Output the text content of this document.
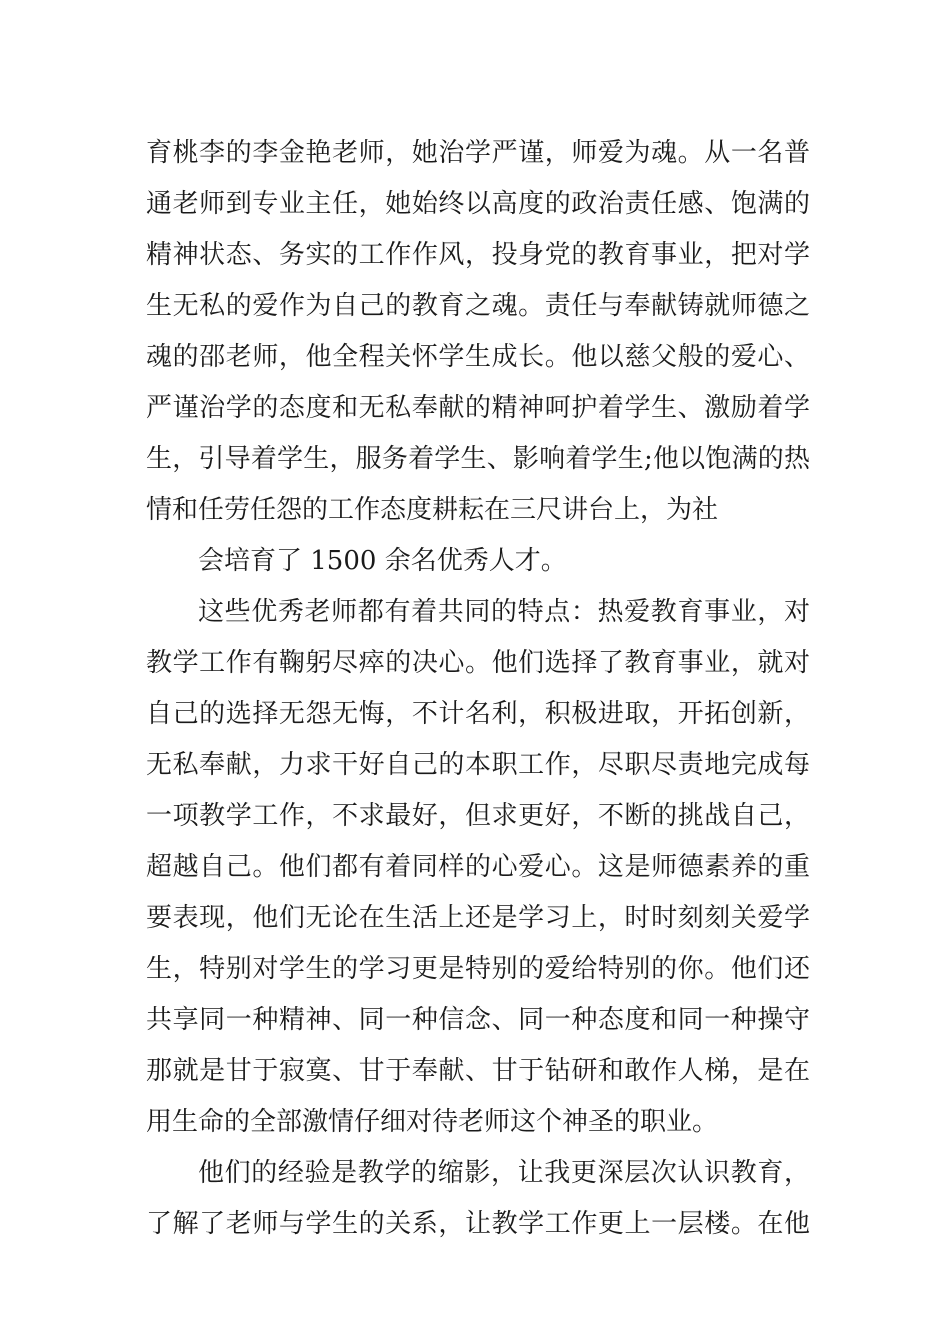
育桃李的李金艳老师，她治学严谨，师爱为魂。从一名普
通老师到专业主任，她始终以高度的政治责任感、饱满的
精神状态、务实的工作作风，投身党的教育事业，把对学
生无私的爱作为自己的教育之魂。责任与奉献铸就师德之
魂的邵老师，他全程关怀学生成长。他以慈父般的爱心、
严谨治学的态度和无私奉献的精神呵护着学生、激励着学
生，引导着学生，服务着学生、影响着学生;他以饱满的热
情和任劳任怨的工作态度耕耘在三尺讲台上，为社
会培育了 1500 余名优秀人才。
这些优秀老师都有着共同的特点：热爱教育事业，对
教学工作有鞠躬尽瘁的决心。他们选择了教育事业，就对
自己的选择无怨无悔，不计名利，积极进取，开拓创新，
无私奉献，力求干好自己的本职工作，尽职尽责地完成每
一项教学工作，不求最好，但求更好，不断的挑战自己，
超越自己。他们都有着同样的心爱心。这是师德素养的重
要表现，他们无论在生活上还是学习上，时时刻刻关爱学
生，特别对学生的学习更是特别的爱给特别的你。他们还
共享同一种精神、同一种信念、同一种态度和同一种操守
那就是甘于寂寞、甘于奉献、甘于钻研和敢作人梯，是在
用生命的全部激情仔细对待老师这个神圣的职业。
他们的经验是教学的缩影，让我更深层次认识教育，
了解了老师与学生的关系，让教学工作更上一层楼。在他
